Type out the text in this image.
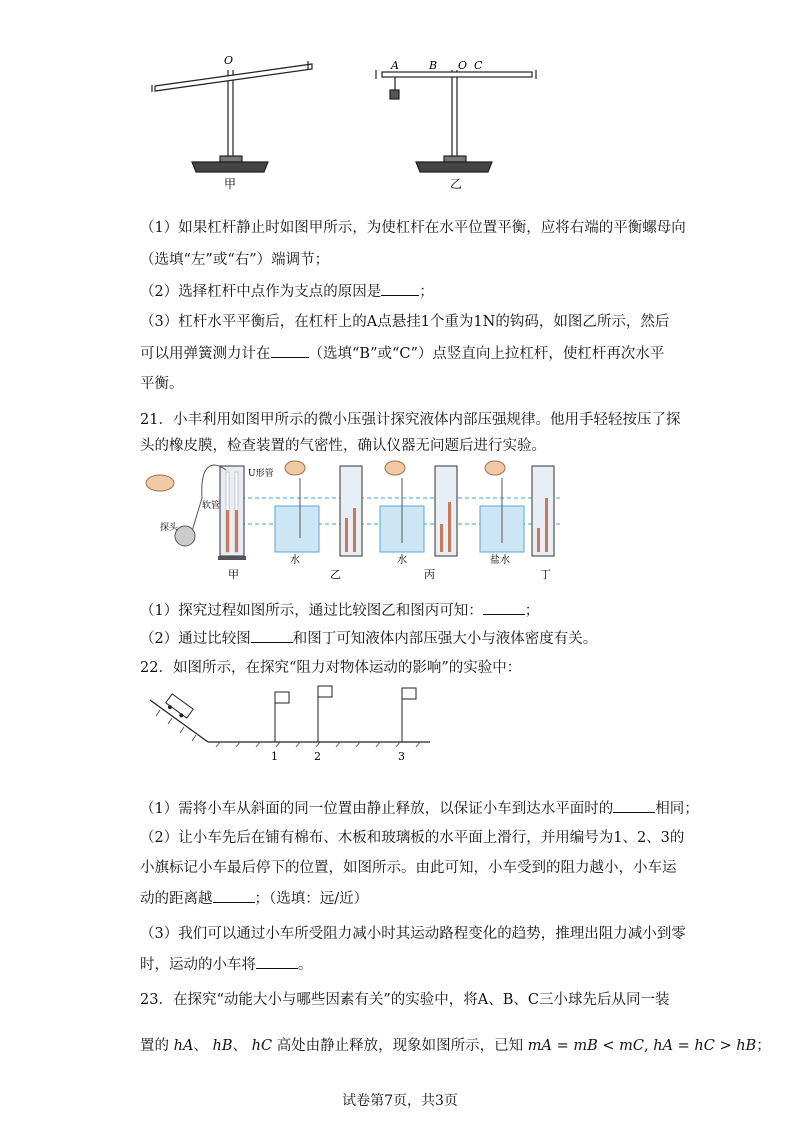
O
甲
A	B O C
乙
（1）如果杠杆静止时如图甲所示，为使杠杆在水平位置平衡，应将右端的平衡螺母向
（选填“左”或“右”）端调节；
（2）选择杠杆中点作为支点的原因是	；
（3）杠杆水平平衡后，在杠杆上的A点悬挂1个重为1N的钩码，如图乙所示，然后
可以用弹簧测力计在	（选填“B”或“C”）点竖直向上拉杠杆，使杠杆再次水平
平衡。
21．小丰利用如图甲所示的微小压强计探究液体内部压强规律。他用手轻轻按压了探
头的橡皮膜，检查装置的气密性，确认仪器无问题后进行实验。
U形管
软管
探头
甲
水
乙
水
丙
盐水
丁
（1）探究过程如图所示，通过比较图乙和图丙可知：	；
（2）通过比较图	和图丁可知液体内部压强大小与液体密度有关。
22．如图所示，在探究“阻力对物体运动的影响”的实验中：
1	2	3
（1）需将小车从斜面的同一位置由静止释放，以保证小车到达水平面时的	相同；
（2）让小车先后在铺有棉布、木板和玻璃板的水平面上滑行，并用编号为1、2、3的
小旗标记小车最后停下的位置，如图所示。由此可知，小车受到的阻力越小，小车运
动的距离越	；（选填：远/近）
（3）我们可以通过小车所受阻力减小时其运动路程变化的趋势，推理出阻力减小到零
时，运动的小车将	。
23．在探究“动能大小与哪些因素有关”的实验中，将A、B、C三小球先后从同一装
置的 hA、 hB、 hC 高处由静止释放，现象如图所示，已知 mA = mB < mC, hA = hC > hB；
试卷第7页，共3页
